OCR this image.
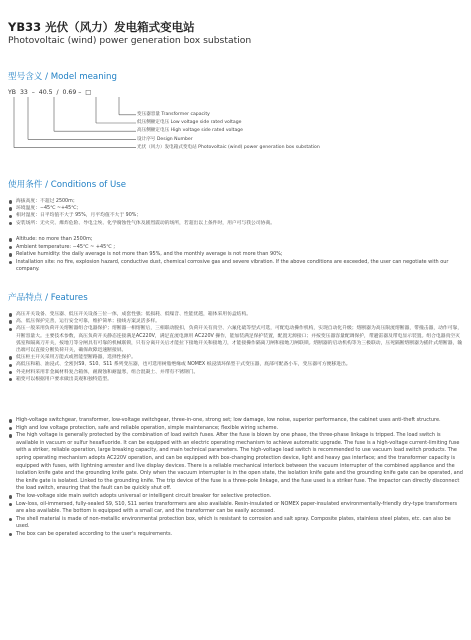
YB33 光伏（风力）发电箱式变电站
Photovoltaic (wind) power generation box substation
型号含义 / Model meaning
YB  33  –  40.5  /  0.69 –  □
变压器容量 Transformer capacity
低压侧额定电压 Low voltage side rated voltage
高压侧额定电压 High voltage side rated voltage
设计序号 Design Number
光伏（风力）发电箱式变电站 Photovoltaic (wind) power generation box substation
使用条件 / Conditions of Use
海拔高度：不超过 2500m；
环境温度：−45℃ ~+45℃；
相对湿度：日平均值不大于 95%，月平均值不大于 90%；
安装场所：无火灾、爆炸危险、导电尘埃、化学腐蚀性气体及剧烈震动的场所，若超出以上条件时，用户可与我公司协商。
Altitude: no more than 2500m;
Ambient temperature: −45℃ ~ +45℃ ;
Relative humidity: the daily average is not more than 95%, and the monthly average is not more than 90%;
Installation site: no fire, explosion hazard, conductive dust, chemical corrosive gas and severe vibration. If the above conditions are exceeded, the user can negotiate with our company.
产品特点 / Features
高压开关设备、变压器、低压开关设备三位一体，成套性强；低损耗、低噪音、性能优越，箱体采用仿盒结构。
高、低压保护完善，运行安全可靠，维护简单；接线方案灵活多样。
高压一般采用负荷开关熔断器组合电器保护；熔断器一相熔断后，三相联动脱扣，负荷开关有真空、六氟化硫等型式可选，可配电动操作机构，实现自动化升级；熔断器为高压限流熔断器，带撞击器，动作可靠，开断容量大。主要技术参数，高压负荷开关静态连接满足AC220V，满足直流电源用 AC220V 操作，能加装满足保护装置，配置无源接口；并按变压器容量配调保护，带避雷器及带电显示装置。组合电器真空灭弧室和隔离刀开关，按地刀等分闸具有可靠的机械联锁，只有分离开关后才能拉下接地开关和接地刀，才能接操作隔离刀闸和接地刀闸联锁。熔断器的启动机构等为三极联动，压死隔断熔断器为插针式熔断器，输出端可以直接分断负荷开关，确保故障迅速断接屏。
低压柜主开关采用万能式或智能型断路器，选择性保护。
高低压和箱、油浸式、全密封S9、S10、S11 系列变压器，也可选用树脂绝缘或 NOMEX 纸浸渍环保型干式变压器，底部可配备小车，变压器可方便移进出。
外壳材料采用非金属材料复合箱体，耐腐蚀和耐温寒，组合混凝土、并带有不锈钢门。
箱变可以根据用户要求做出美观和独特造型。
High-voltage switchgear, transformer, low-voltage switchgear, three-in-one, strong set; low damage, low noise, superior performance, the cabinet uses anti-theft structure.
High and low voltage protection, safe and reliable operation, simple maintenance; flexible wiring scheme.
The high voltage is generally protected by the combination of load switch fuses. After the fuse is blown by one phase, the three-phase linkage is tripped. The load switch is available in vacuum or sulfur hexafluoride. It can be equipped with an electric operating mechanism to achieve automatic upgrade. The fuse is a high-voltage current-limiting fuse with a striker, reliable operation, large breaking capacity, and main technical parameters. The high-voltage load switch is recommended to use vacuum load switch products. The spring operating mechanism adopts AC220V operation, and can be equipped with box-changing protection device, light and heavy gas interface; and the transformer capacity is equipped with fuses, with lightning arrester and live display devices. There is a reliable mechanical interlock between the vacuum interrupter of the combined appliance and the isolation knife gate and the grounding knife gate. Only when the vacuum interrupter is in the open state, the isolation knife gate and the grounding knife gate can be operated, and the knife gate is isolated. Linked to the grounding knife. The trip device of the fuse is a three-pole linkage, and the fuse used is a striker fuse. The impactor can directly disconnect the load switch, ensuring that the fault can be quickly shut off.
The low-voltage side main switch adopts universal or intelligent circuit breaker for selective protection.
Low-loss, oil-immersed, fully-sealed S9, S10, S11 series transformers are also available. Resin-insulated or NOMEX paper-insulated environmentally-friendly dry-type transformers are also available. The bottom is equipped with a small car, and the transformer can be easily accessed.
The shell material is made of non-metallic environmental protection box, which is resistant to corrosion and salt spray. Composite plates, stainless steel plates, etc. can also be used.
The box can be operated according to the user's requirements.
